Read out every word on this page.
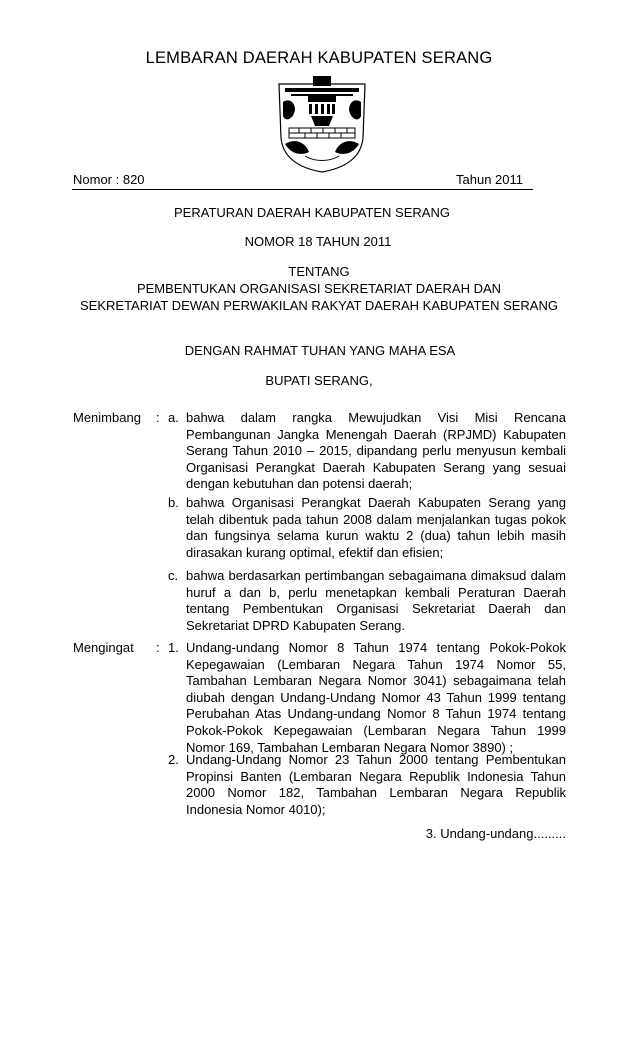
LEMBARAN DAERAH KABUPATEN SERANG
Nomor : 820	Tahun 2011
PERATURAN DAERAH KABUPATEN SERANG
NOMOR 18 TAHUN 2011
TENTANG
PEMBENTUKAN ORGANISASI SEKRETARIAT DAERAH DAN
SEKRETARIAT DEWAN PERWAKILAN RAKYAT DAERAH KABUPATEN SERANG
DENGAN RAHMAT TUHAN YANG MAHA ESA
BUPATI SERANG,
Menimbang : a. bahwa dalam rangka Mewujudkan Visi Misi Rencana Pembangunan Jangka Menengah Daerah (RPJMD) Kabupaten Serang Tahun 2010 – 2015, dipandang perlu menyusun kembali Organisasi Perangkat Daerah Kabupaten Serang yang sesuai dengan kebutuhan dan potensi daerah;
b. bahwa Organisasi Perangkat Daerah Kabupaten Serang yang telah dibentuk pada tahun 2008 dalam menjalankan tugas pokok dan fungsinya selama kurun waktu 2 (dua) tahun lebih masih dirasakan kurang optimal, efektif dan efisien;
c. bahwa berdasarkan pertimbangan sebagaimana dimaksud dalam huruf a dan b, perlu menetapkan kembali Peraturan Daerah tentang Pembentukan Organisasi Sekretariat Daerah dan Sekretariat DPRD Kabupaten Serang.
Mengingat : 1. Undang-undang Nomor 8 Tahun 1974 tentang Pokok-Pokok Kepegawaian (Lembaran Negara Tahun 1974 Nomor 55, Tambahan Lembaran Negara Nomor 3041) sebagaimana telah diubah dengan Undang-Undang Nomor 43 Tahun 1999 tentang Perubahan Atas Undang-undang Nomor 8 Tahun 1974 tentang Pokok-Pokok Kepegawaian (Lembaran Negara Tahun 1999 Nomor 169, Tambahan Lembaran Negara Nomor 3890) ;
2. Undang-Undang Nomor 23 Tahun 2000 tentang Pembentukan Propinsi Banten (Lembaran Negara Republik Indonesia Tahun 2000 Nomor 182, Tambahan Lembaran Negara Republik Indonesia Nomor 4010);
3. Undang-undang.........
